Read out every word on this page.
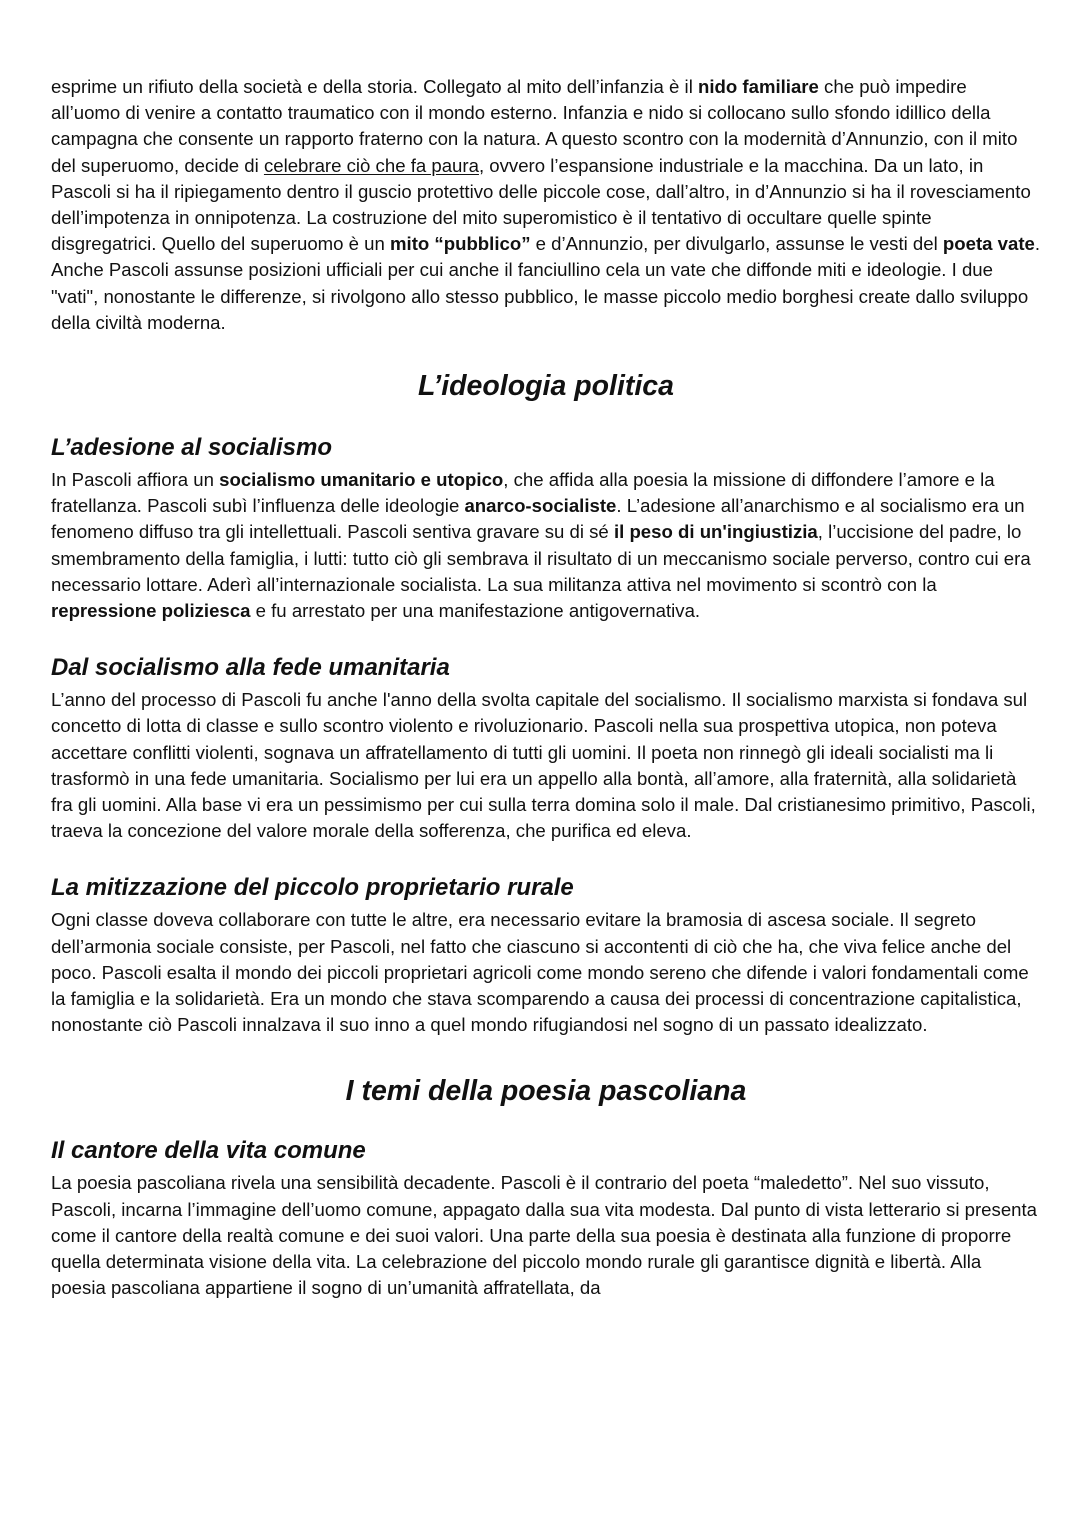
esprime un rifiuto della società e della storia. Collegato al mito dell’infanzia è il nido familiare che può impedire all’uomo di venire a contatto traumatico con il mondo esterno. Infanzia e nido si collocano sullo sfondo idillico della campagna che consente un rapporto fraterno con la natura. A questo scontro con la modernità d’Annunzio, con il mito del superuomo, decide di celebrare ciò che fa paura, ovvero l’espansione industriale e la macchina. Da un lato, in Pascoli si ha il ripiegamento dentro il guscio protettivo delle piccole cose, dall’altro, in d’Annunzio si ha il rovesciamento dell’impotenza in onnipotenza. La costruzione del mito superomistico è il tentativo di occultare quelle spinte disgregatrici. Quello del superuomo è un mito “pubblico” e d’Annunzio, per divulgarlo, assunse le vesti del poeta vate. Anche Pascoli assunse posizioni ufficiali per cui anche il fanciullino cela un vate che diffonde miti e ideologie. I due "vati", nonostante le differenze, si rivolgono allo stesso pubblico, le masse piccolo medio borghesi create dallo sviluppo della civiltà moderna.

L’ideologia politica
L’adesione al socialismo

In Pascoli affiora un socialismo umanitario e utopico, che affida alla poesia la missione di diffondere l’amore e la fratellanza. Pascoli subì l’influenza delle ideologie anarco-socialiste. L’adesione all’anarchismo e al socialismo era un fenomeno diffuso tra gli intellettuali. Pascoli sentiva gravare su di sé il peso di un'ingiustizia, l’uccisione del padre, lo smembramento della famiglia, i lutti: tutto ciò gli sembrava il risultato di un meccanismo sociale perverso, contro cui era necessario lottare. Aderì all’internazionale socialista. La sua militanza attiva nel movimento si scontrò con la repressione poliziesca e fu arrestato per una manifestazione antigovernativa.

Dal socialismo alla fede umanitaria

L’anno del processo di Pascoli fu anche l'anno della svolta capitale del socialismo. Il socialismo marxista si fondava sul concetto di lotta di classe e sullo scontro violento e rivoluzionario. Pascoli nella sua prospettiva utopica, non poteva accettare conflitti violenti, sognava un affratellamento di tutti gli uomini. Il poeta non rinnegò gli ideali socialisti ma li trasformò in una fede umanitaria. Socialismo per lui era un appello alla bontà, all’amore, alla fraternità, alla solidarietà fra gli uomini. Alla base vi era un pessimismo per cui sulla terra domina solo il male. Dal cristianesimo primitivo, Pascoli, traeva la concezione del valore morale della sofferenza, che purifica ed eleva.

La mitizzazione del piccolo proprietario rurale

Ogni classe doveva collaborare con tutte le altre, era necessario evitare la bramosia di ascesa sociale. Il segreto dell’armonia sociale consiste, per Pascoli, nel fatto che ciascuno si accontenti di ciò che ha, che viva felice anche del poco. Pascoli esalta il mondo dei piccoli proprietari agricoli come mondo sereno che difende i valori fondamentali come la famiglia e la solidarietà. Era un mondo che stava scomparendo a causa dei processi di concentrazione capitalistica, nonostante ciò Pascoli innalzava il suo inno a quel mondo rifugiandosi nel sogno di un passato idealizzato.

I temi della poesia pascoliana
Il cantore della vita comune

La poesia pascoliana rivela una sensibilità decadente. Pascoli è il contrario del poeta “maledetto”. Nel suo vissuto, Pascoli, incarna l’immagine dell’uomo comune, appagato dalla sua vita modesta. Dal punto di vista letterario si presenta come il cantore della realtà comune e dei suoi valori. Una parte della sua poesia è destinata alla funzione di proporre quella determinata visione della vita. La celebrazione del piccolo mondo rurale gli garantisce dignità e libertà. Alla poesia pascoliana appartiene il sogno di un’umanità affratellata, da
